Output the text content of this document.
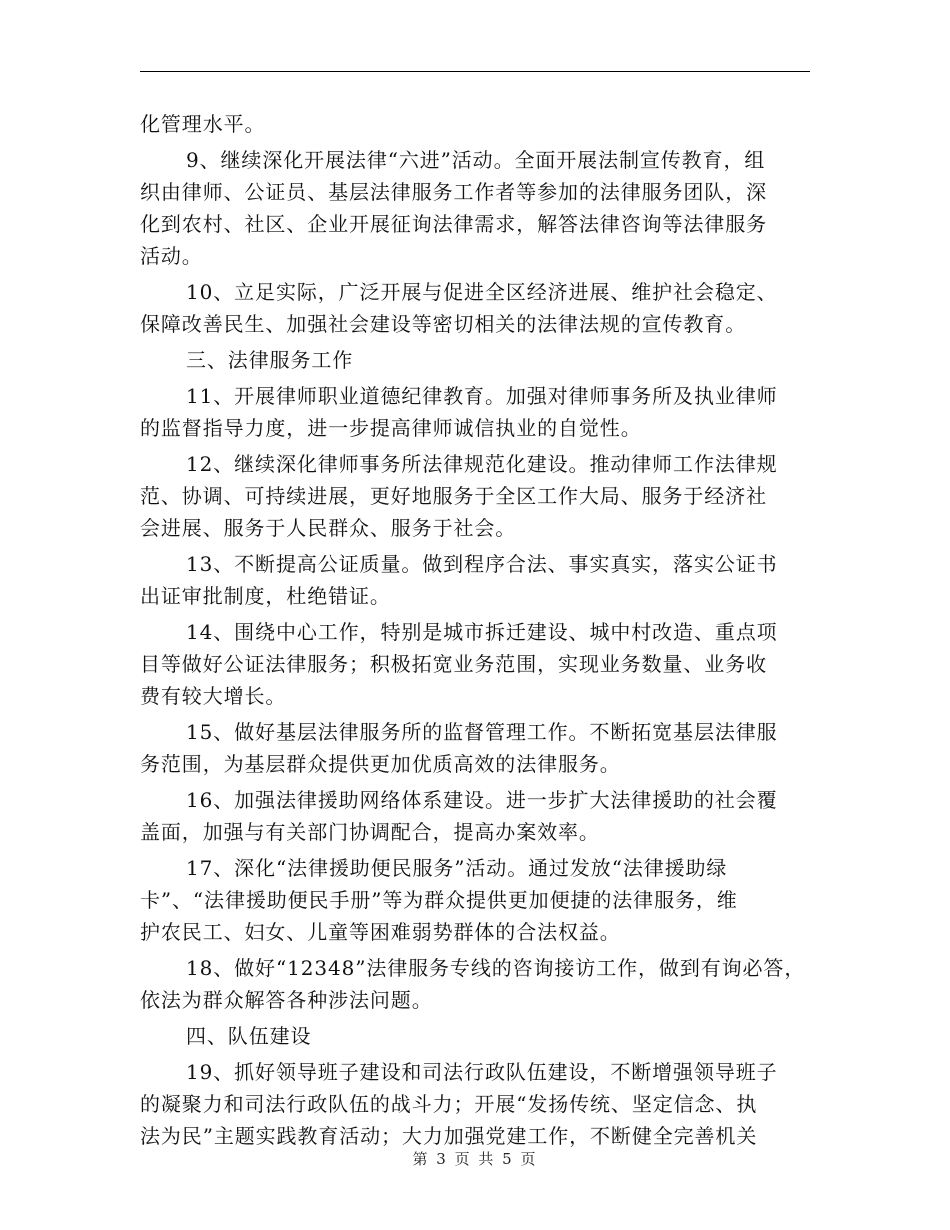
化管理水平。
9、继续深化开展法律“六进”活动。全面开展法制宣传教育，组
织由律师、公证员、基层法律服务工作者等参加的法律服务团队，深
化到农村、社区、企业开展征询法律需求，解答法律咨询等法律服务
活动。
10、立足实际，广泛开展与促进全区经济进展、维护社会稳定、
保障改善民生、加强社会建设等密切相关的法律法规的宣传教育。
三、法律服务工作
11、开展律师职业道德纪律教育。加强对律师事务所及执业律师
的监督指导力度，进一步提高律师诚信执业的自觉性。
12、继续深化律师事务所法律规范化建设。推动律师工作法律规
范、协调、可持续进展，更好地服务于全区工作大局、服务于经济社
会进展、服务于人民群众、服务于社会。
13、不断提高公证质量。做到程序合法、事实真实，落实公证书
出证审批制度，杜绝错证。
14、围绕中心工作，特别是城市拆迁建设、城中村改造、重点项
目等做好公证法律服务；积极拓宽业务范围，实现业务数量、业务收
费有较大增长。
15、做好基层法律服务所的监督管理工作。不断拓宽基层法律服
务范围，为基层群众提供更加优质高效的法律服务。
16、加强法律援助网络体系建设。进一步扩大法律援助的社会覆
盖面，加强与有关部门协调配合，提高办案效率。
17、深化“法律援助便民服务”活动。通过发放“法律援助绿
卡”、“法律援助便民手册”等为群众提供更加便捷的法律服务，维
护农民工、妇女、儿童等困难弱势群体的合法权益。
18、做好“12348”法律服务专线的咨询接访工作，做到有询必答，
依法为群众解答各种涉法问题。
四、队伍建设
19、抓好领导班子建设和司法行政队伍建设，不断增强领导班子
的凝聚力和司法行政队伍的战斗力；开展“发扬传统、坚定信念、执
法为民”主题实践教育活动；大力加强党建工作，不断健全完善机关
第 3 页 共 5 页
